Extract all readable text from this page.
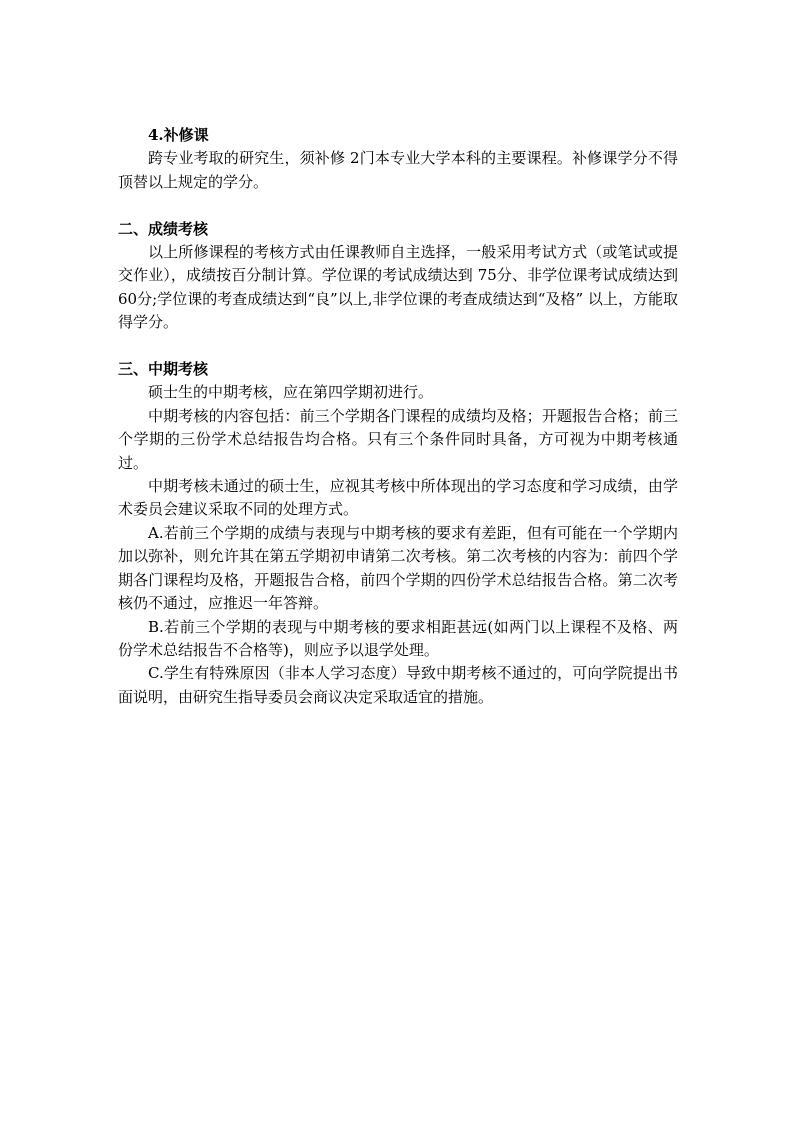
4.补修课

跨专业考取的研究生，须补修 2门本专业大学本科的主要课程。补修课学分不得顶替以上规定的学分。

二、成绩考核

以上所修课程的考核方式由任课教师自主选择，一般采用考试方式（或笔试或提交作业），成绩按百分制计算。学位课的考试成绩达到 75分、非学位课考试成绩达到 60分;学位课的考查成绩达到“良”以上,非学位课的考查成绩达到“及格” 以上，方能取得学分。

三、中期考核

硕士生的中期考核，应在第四学期初进行。

中期考核的内容包括：前三个学期各门课程的成绩均及格；开题报告合格；前三个学期的三份学术总结报告均合格。只有三个条件同时具备，方可视为中期考核通过。

中期考核未通过的硕士生，应视其考核中所体现出的学习态度和学习成绩，由学术委员会建议采取不同的处理方式。

A.若前三个学期的成绩与表现与中期考核的要求有差距，但有可能在一个学期内加以弥补，则允许其在第五学期初申请第二次考核。第二次考核的内容为：前四个学期各门课程均及格，开题报告合格，前四个学期的四份学术总结报告合格。第二次考核仍不通过，应推迟一年答辩。

B.若前三个学期的表现与中期考核的要求相距甚远(如两门以上课程不及格、两份学术总结报告不合格等)，则应予以退学处理。

C.学生有特殊原因（非本人学习态度）导致中期考核不通过的，可向学院提出书面说明，由研究生指导委员会商议决定采取适宜的措施。
